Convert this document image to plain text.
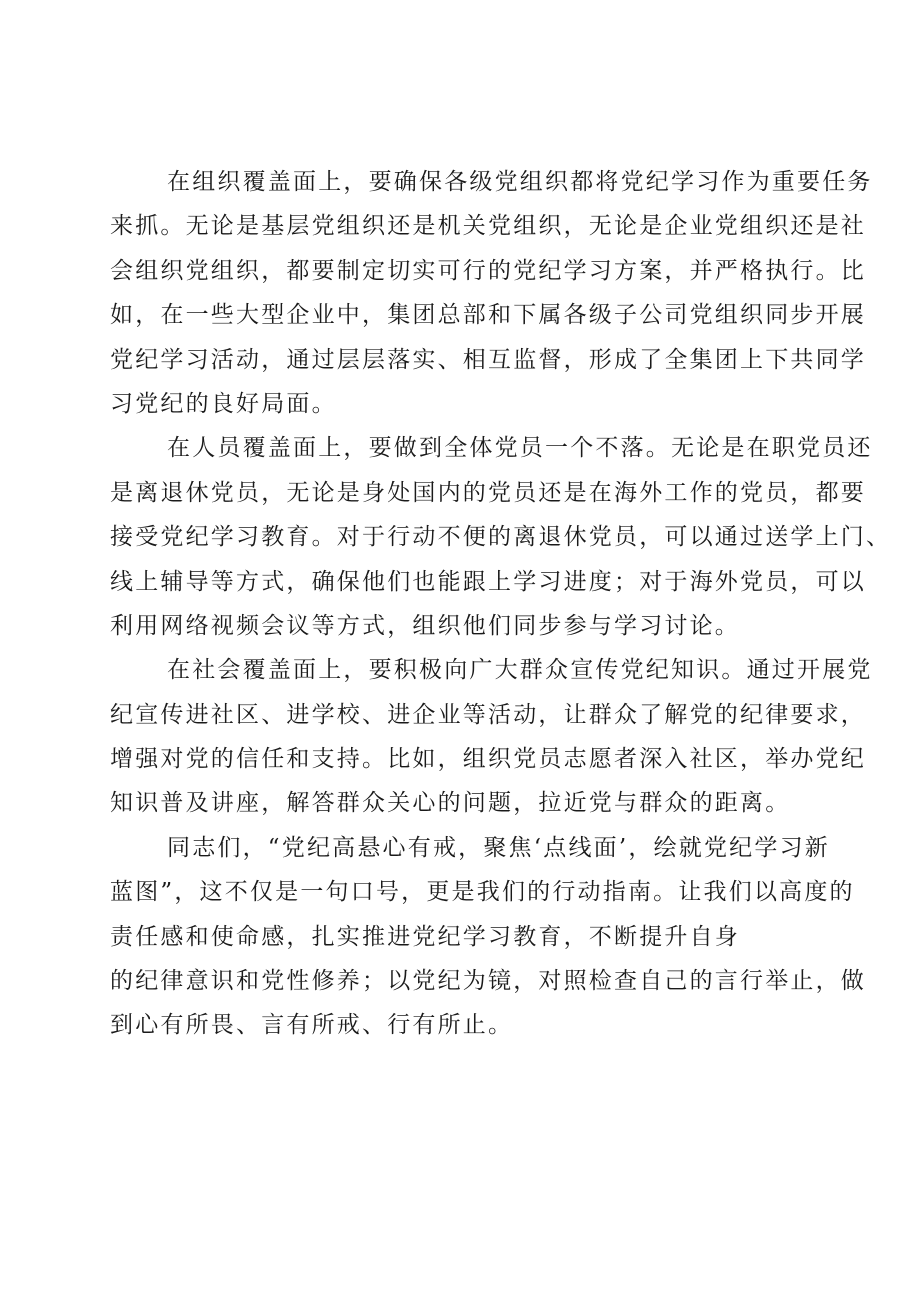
在组织覆盖面上，要确保各级党组织都将党纪学习作为重要任务
来抓。无论是基层党组织还是机关党组织，无论是企业党组织还是社
会组织党组织，都要制定切实可行的党纪学习方案，并严格执行。比
如，在一些大型企业中，集团总部和下属各级子公司党组织同步开展
党纪学习活动，通过层层落实、相互监督，形成了全集团上下共同学
习党纪的良好局面。
在人员覆盖面上，要做到全体党员一个不落。无论是在职党员还
是离退休党员，无论是身处国内的党员还是在海外工作的党员，都要
接受党纪学习教育。对于行动不便的离退休党员，可以通过送学上门、
线上辅导等方式，确保他们也能跟上学习进度；对于海外党员，可以
利用网络视频会议等方式，组织他们同步参与学习讨论。
在社会覆盖面上，要积极向广大群众宣传党纪知识。通过开展党
纪宣传进社区、进学校、进企业等活动，让群众了解党的纪律要求，
增强对党的信任和支持。比如，组织党员志愿者深入社区，举办党纪
知识普及讲座，解答群众关心的问题，拉近党与群众的距离。
同志们，“党纪高悬心有戒，聚焦‘点线面’，绘就党纪学习新
蓝图”，这不仅是一句口号，更是我们的行动指南。让我们以高度的
责任感和使命感，扎实推进党纪学习教育，不断提升自身
的纪律意识和党性修养；以党纪为镜，对照检查自己的言行举止，做
到心有所畏、言有所戒、行有所止。
